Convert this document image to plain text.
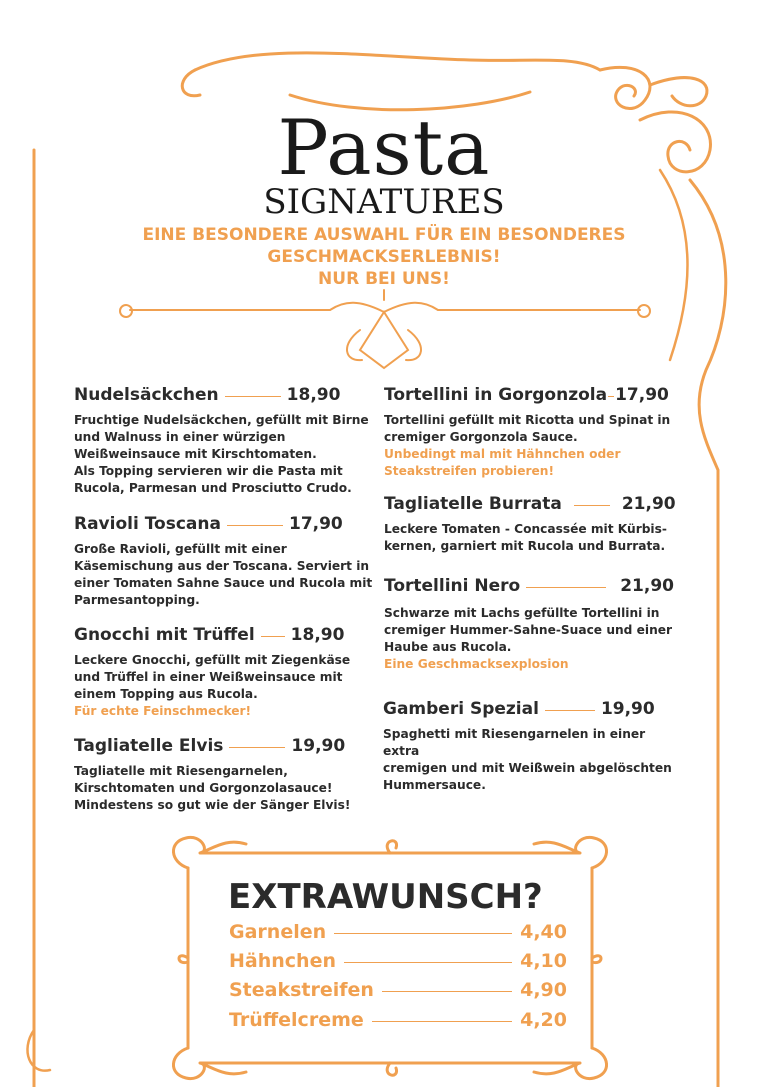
Pasta
SIGNATURES
EINE BESONDERE AUSWAHL FÜR EIN BESONDERES
GESCHMACKSERLEBNIS!
NUR BEI UNS!
Nudelsäckchen	18,90
Fruchtige Nudelsäckchen, gefüllt mit Birne
und Walnuss in einer würzigen
Weißweinsauce mit Kirschtomaten.
Als Topping servieren wir die Pasta mit
Rucola, Parmesan und Prosciutto Crudo.
Ravioli Toscana	17,90
Große Ravioli, gefüllt mit einer
Käsemischung aus der Toscana. Serviert in
einer Tomaten Sahne Sauce und Rucola mit
Parmesantopping.
Gnocchi mit Trüffel 18,90
Leckere Gnocchi, gefüllt mit Ziegenkäse
und Trüffel in einer Weißweinsauce mit
einem Topping aus Rucola.
Für echte Feinschmecker!
Tagliatelle Elvis	19,90
Tagliatelle mit Riesengarnelen,
Kirschtomaten und Gorgonzolasauce!
Mindestens so gut wie der Sänger Elvis!
Tortellini in Gorgonzola 17,90
Tortellini gefüllt mit Ricotta und Spinat in
cremiger Gorgonzola Sauce.
Unbedingt mal mit Hähnchen oder
Steakstreifen probieren!
Tagliatelle Burrata	21,90
Leckere Tomaten - Concassée mit Kürbis-
kernen, garniert mit Rucola und Burrata.
Tortellini Nero	21,90
Schwarze mit Lachs gefüllte Tortellini in
cremiger Hummer-Sahne-Suace und einer
Haube aus Rucola.
Eine Geschmacksexplosion
Gamberi Spezial	19,90
Spaghetti mit Riesengarnelen in einer extra
cremigen und mit Weißwein abgelöschten
Hummersauce.
EXTRAWUNSCH?
Garnelen	4,40
Hähnchen	4,10
Steakstreifen	4,90
Trüffelcreme	4,20
